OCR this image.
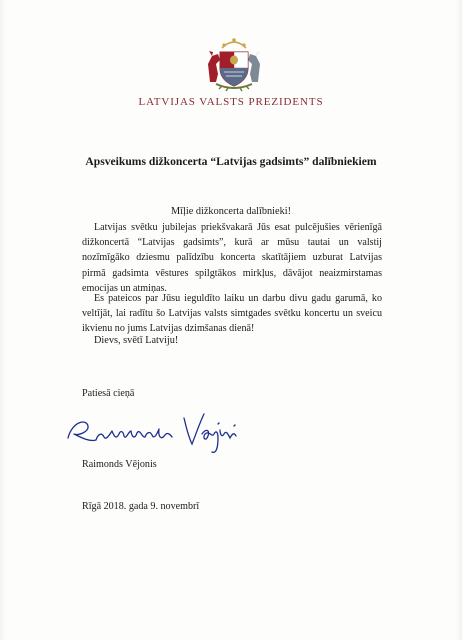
LATVIJAS VALSTS PREZIDENTS
Apsveikums dižkoncerta “Latvijas gadsimts” dalībniekiem
Mīļie dižkoncerta dalībnieki!

Latvijas svētku jubilejas priekšvakarā Jūs esat pulcējušies vērienīgā dižkoncertā “Latvijas gadsimts”, kurā ar mūsu tautai un valstij nozīmīgāko dziesmu palīdzību koncerta skatītājiem uzburat Latvijas pirmā gadsimta vēstures spilgtākos mirkļus, dāvājot neaizmirstamas emocijas un atmiņas.

Es pateicos par Jūsu ieguldīto laiku un darbu divu gadu garumā, ko veltījāt, lai radītu šo Latvijas valsts simtgades svētku koncertu un sveicu ikvienu no jums Latvijas dzimšanas dienā!

Dievs, svētī Latviju!
Patiesā cieņā
Raimonds Vējonis
Rīgā 2018. gada 9. novembrī
